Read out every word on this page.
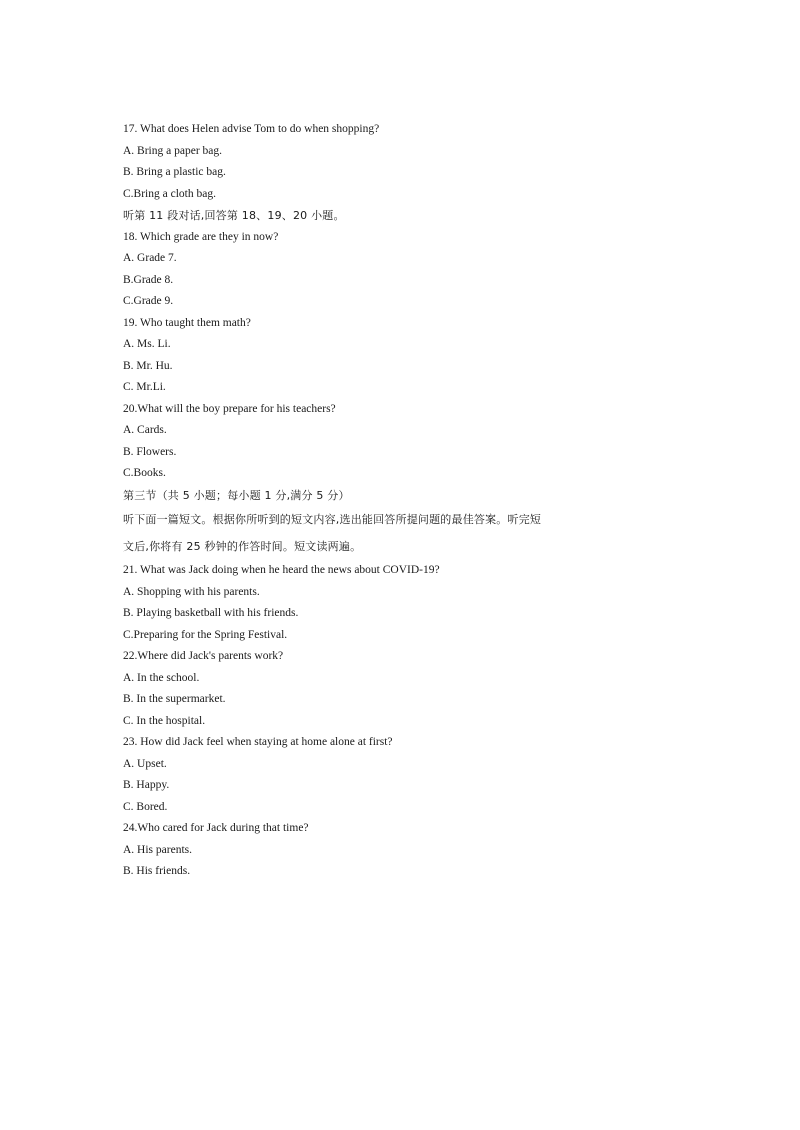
17. What does Helen advise Tom to do when shopping?
A. Bring a paper bag.
B. Bring a plastic bag.
C.Bring a cloth bag.
听第 11 段对话,回答第 18、19、20 小题。
18. Which grade are they in now?
A. Grade 7.
B.Grade 8.
C.Grade 9.
19. Who taught them math?
A. Ms. Li.
B. Mr. Hu.
C. Mr.Li.
20.What will the boy prepare for his teachers?
A. Cards.
B. Flowers.
C.Books.
第三节（共 5 小题；每小题 1 分,满分 5 分）
听下面一篇短文。根据你所听到的短文内容,选出能回答所提问题的最佳答案。听完短
文后,你将有 25 秒钟的作答时间。短文读两遍。
21. What was Jack doing when he heard the news about COVID-19?
A. Shopping with his parents.
B. Playing basketball with his friends.
C.Preparing for the Spring Festival.
22.Where did Jack's parents work?
A. In the school.
B. In the supermarket.
C. In the hospital.
23. How did Jack feel when staying at home alone at first?
A. Upset.
B. Happy.
C. Bored.
24.Who cared for Jack during that time?
A. His parents.
B. His friends.
